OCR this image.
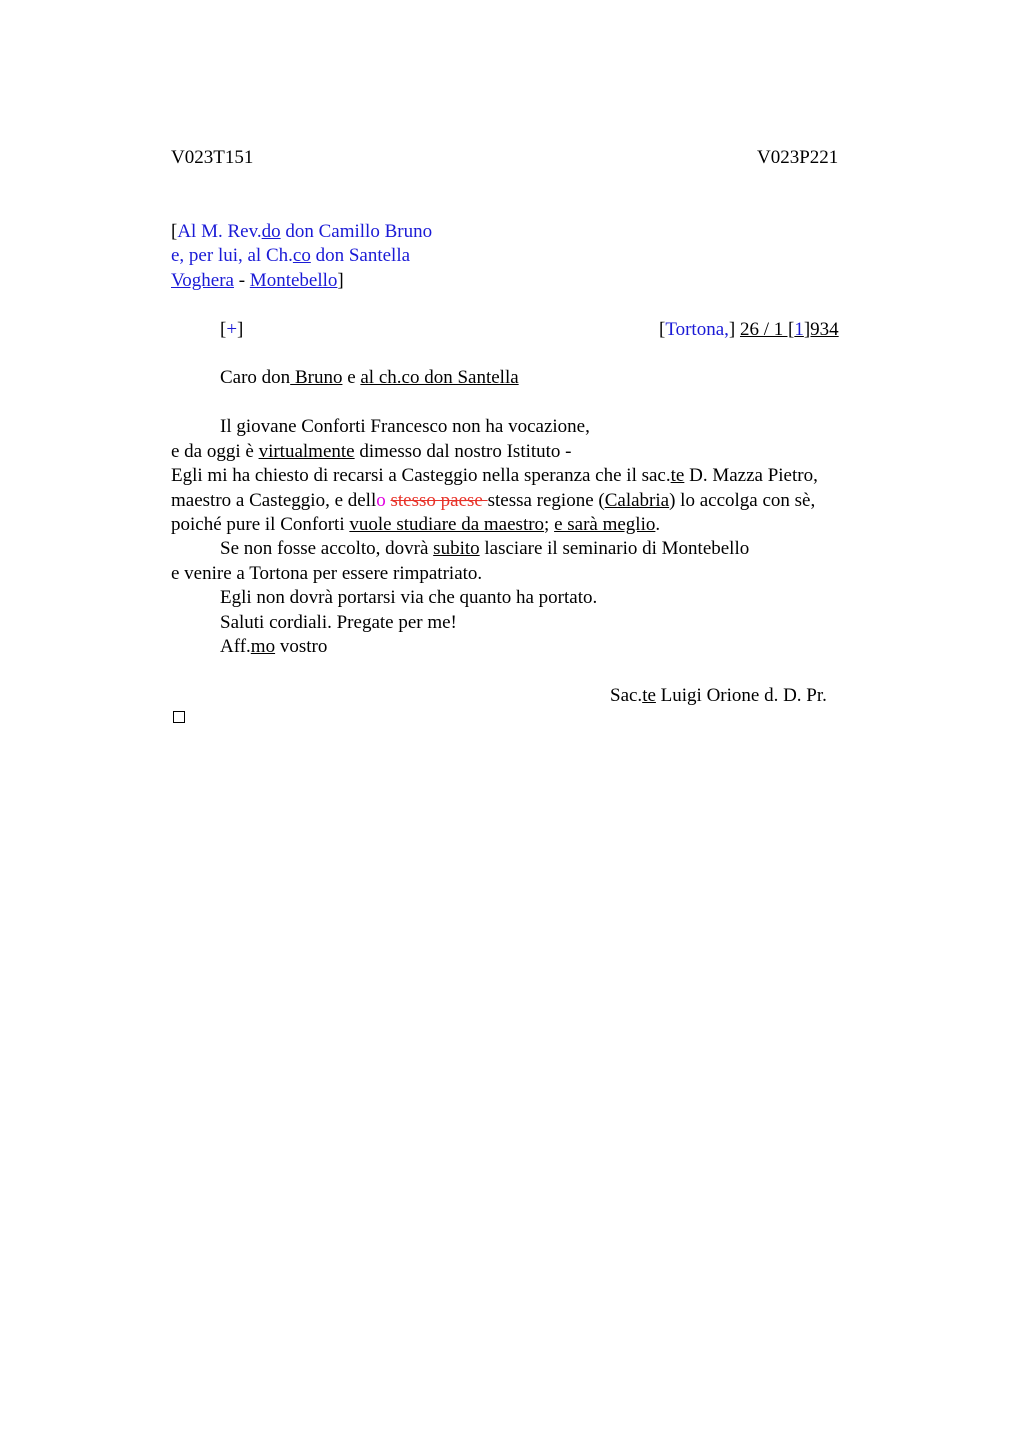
V023T151	V023P221
[Al M. Rev.do don Camillo Bruno
e, per lui, al Ch.co don Santella
Voghera - Montebello]
[+]	[Tortona,] 26 / 1 [1]934
Caro don Bruno e al ch.co don Santella
Il giovane Conforti Francesco non ha vocazione,
e da oggi è virtualmente dimesso dal nostro Istituto -
Egli mi ha chiesto di recarsi a Casteggio nella speranza che il sac.te D. Mazza Pietro,
maestro a Casteggio, e dello stesso paese stessa regione (Calabria) lo accolga con sè,
poiché pure il Conforti vuole studiare da maestro; e sarà meglio.
Se non fosse accolto, dovrà subito lasciare il seminario di Montebello
e venire a Tortona per essere rimpatriato.
Egli non dovrà portarsi via che quanto ha portato.
Saluti cordiali. Pregate per me!
Aff.mo vostro
Sac.te Luigi Orione d. D. Pr.
